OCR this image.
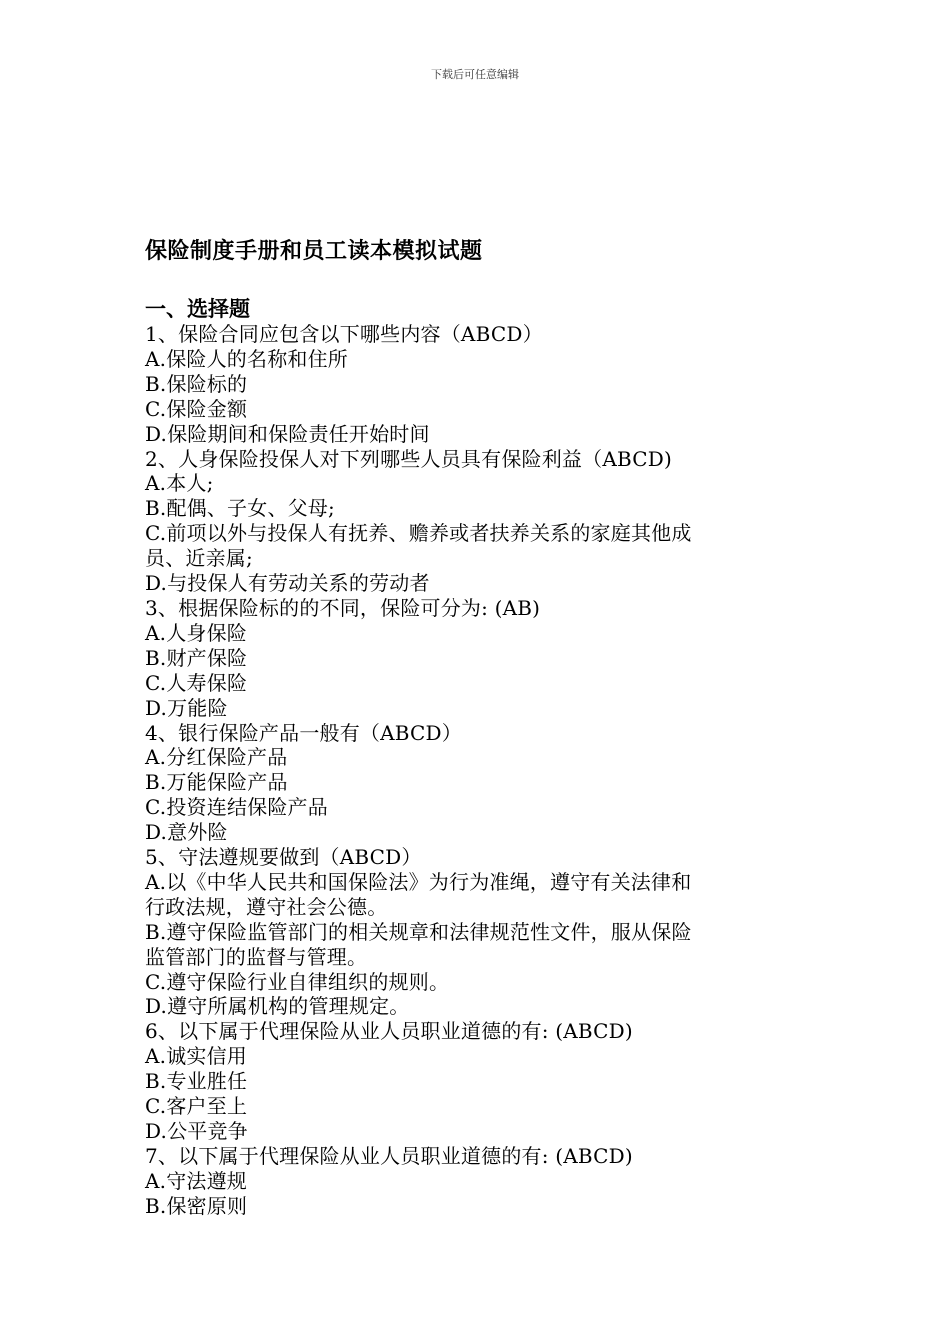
下载后可任意编辑
保险制度手册和员工读本模拟试题
一、选择题
1、保险合同应包含以下哪些内容（ABCD）
A.保险人的名称和住所
B.保险标的
C.保险金额
D.保险期间和保险责任开始时间
2、人身保险投保人对下列哪些人员具有保险利益（ABCD)
A.本人;
B.配偶、子女、父母;
C.前项以外与投保人有抚养、赡养或者扶养关系的家庭其他成
员、近亲属;
D.与投保人有劳动关系的劳动者
3、根据保险标的的不同，保险可分为: (AB)
A.人身保险
B.财产保险
C.人寿保险
D.万能险
4、银行保险产品一般有（ABCD）
A.分红保险产品
B.万能保险产品
C.投资连结保险产品
D.意外险
5、守法遵规要做到（ABCD）
A.以《中华人民共和国保险法》为行为准绳，遵守有关法律和
行政法规，遵守社会公德。
B.遵守保险监管部门的相关规章和法律规范性文件，服从保险
监管部门的监督与管理。
C.遵守保险行业自律组织的规则。
D.遵守所属机构的管理规定。
6、以下属于代理保险从业人员职业道德的有: (ABCD)
A.诚实信用
B.专业胜任
C.客户至上
D.公平竞争
7、以下属于代理保险从业人员职业道德的有: (ABCD)
A.守法遵规
B.保密原则
